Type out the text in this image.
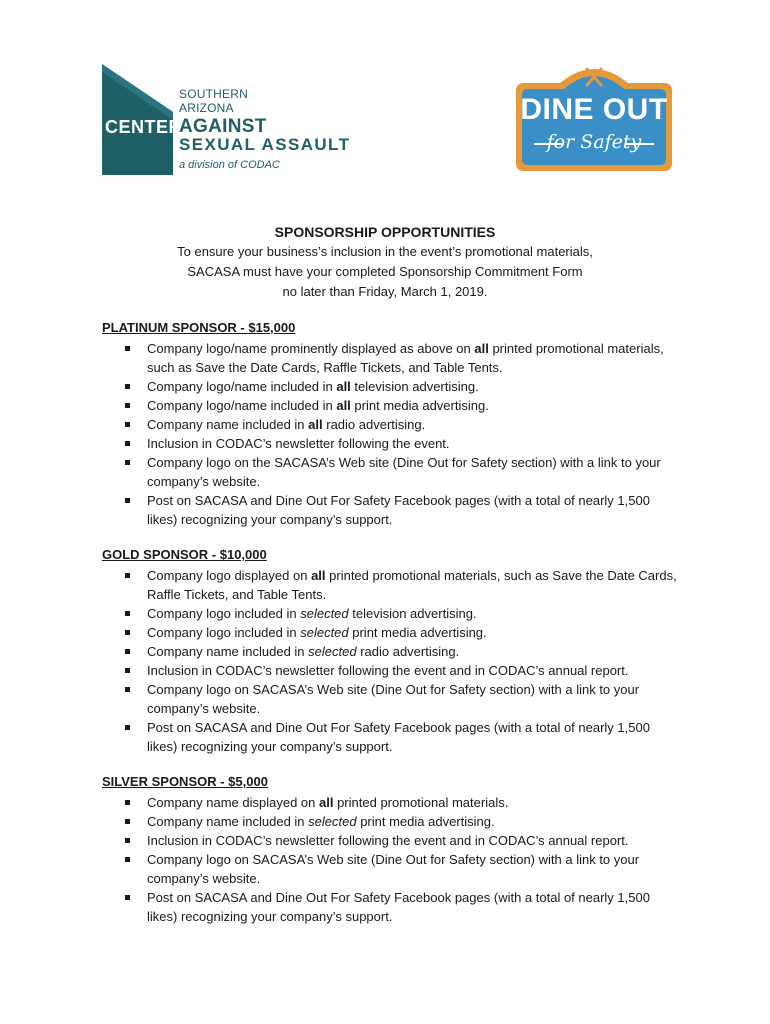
SOUTHERN
ARIZONA
CENTER
AGAINST
SEXUAL ASSAULT
a division of CODAC
DINE OUT
for Safety
SPONSORSHIP OPPORTUNITIES
To ensure your business’s inclusion in the event’s promotional materials,
SACASA must have your completed Sponsorship Commitment Form
no later than Friday, March 1, 2019.
PLATINUM SPONSOR - $15,000
Company logo/name prominently displayed as above on all printed promotional materials, such as Save the Date Cards, Raffle Tickets, and Table Tents.
Company logo/name included in all television advertising.
Company logo/name included in all print media advertising.
Company name included in all radio advertising.
Inclusion in CODAC’s newsletter following the event.
Company logo on the SACASA’s Web site (Dine Out for Safety section) with a link to your company’s website.
Post on SACASA and Dine Out For Safety Facebook pages (with a total of nearly 1,500 likes) recognizing your company’s support.
GOLD SPONSOR - $10,000
Company logo displayed on all printed promotional materials, such as Save the Date Cards, Raffle Tickets, and Table Tents.
Company logo included in selected television advertising.
Company logo included in selected print media advertising.
Company name included in selected radio advertising.
Inclusion in CODAC’s newsletter following the event and in CODAC’s annual report.
Company logo on SACASA’s Web site (Dine Out for Safety section) with a link to your company’s website.
Post on SACASA and Dine Out For Safety Facebook pages (with a total of nearly 1,500 likes) recognizing your company’s support.
SILVER SPONSOR - $5,000
Company name displayed on all printed promotional materials.
Company name included in selected print media advertising.
Inclusion in CODAC’s newsletter following the event and in CODAC’s annual report.
Company logo on SACASA’s Web site (Dine Out for Safety section) with a link to your company’s website.
Post on SACASA and Dine Out For Safety Facebook pages (with a total of nearly 1,500 likes) recognizing your company’s support.
